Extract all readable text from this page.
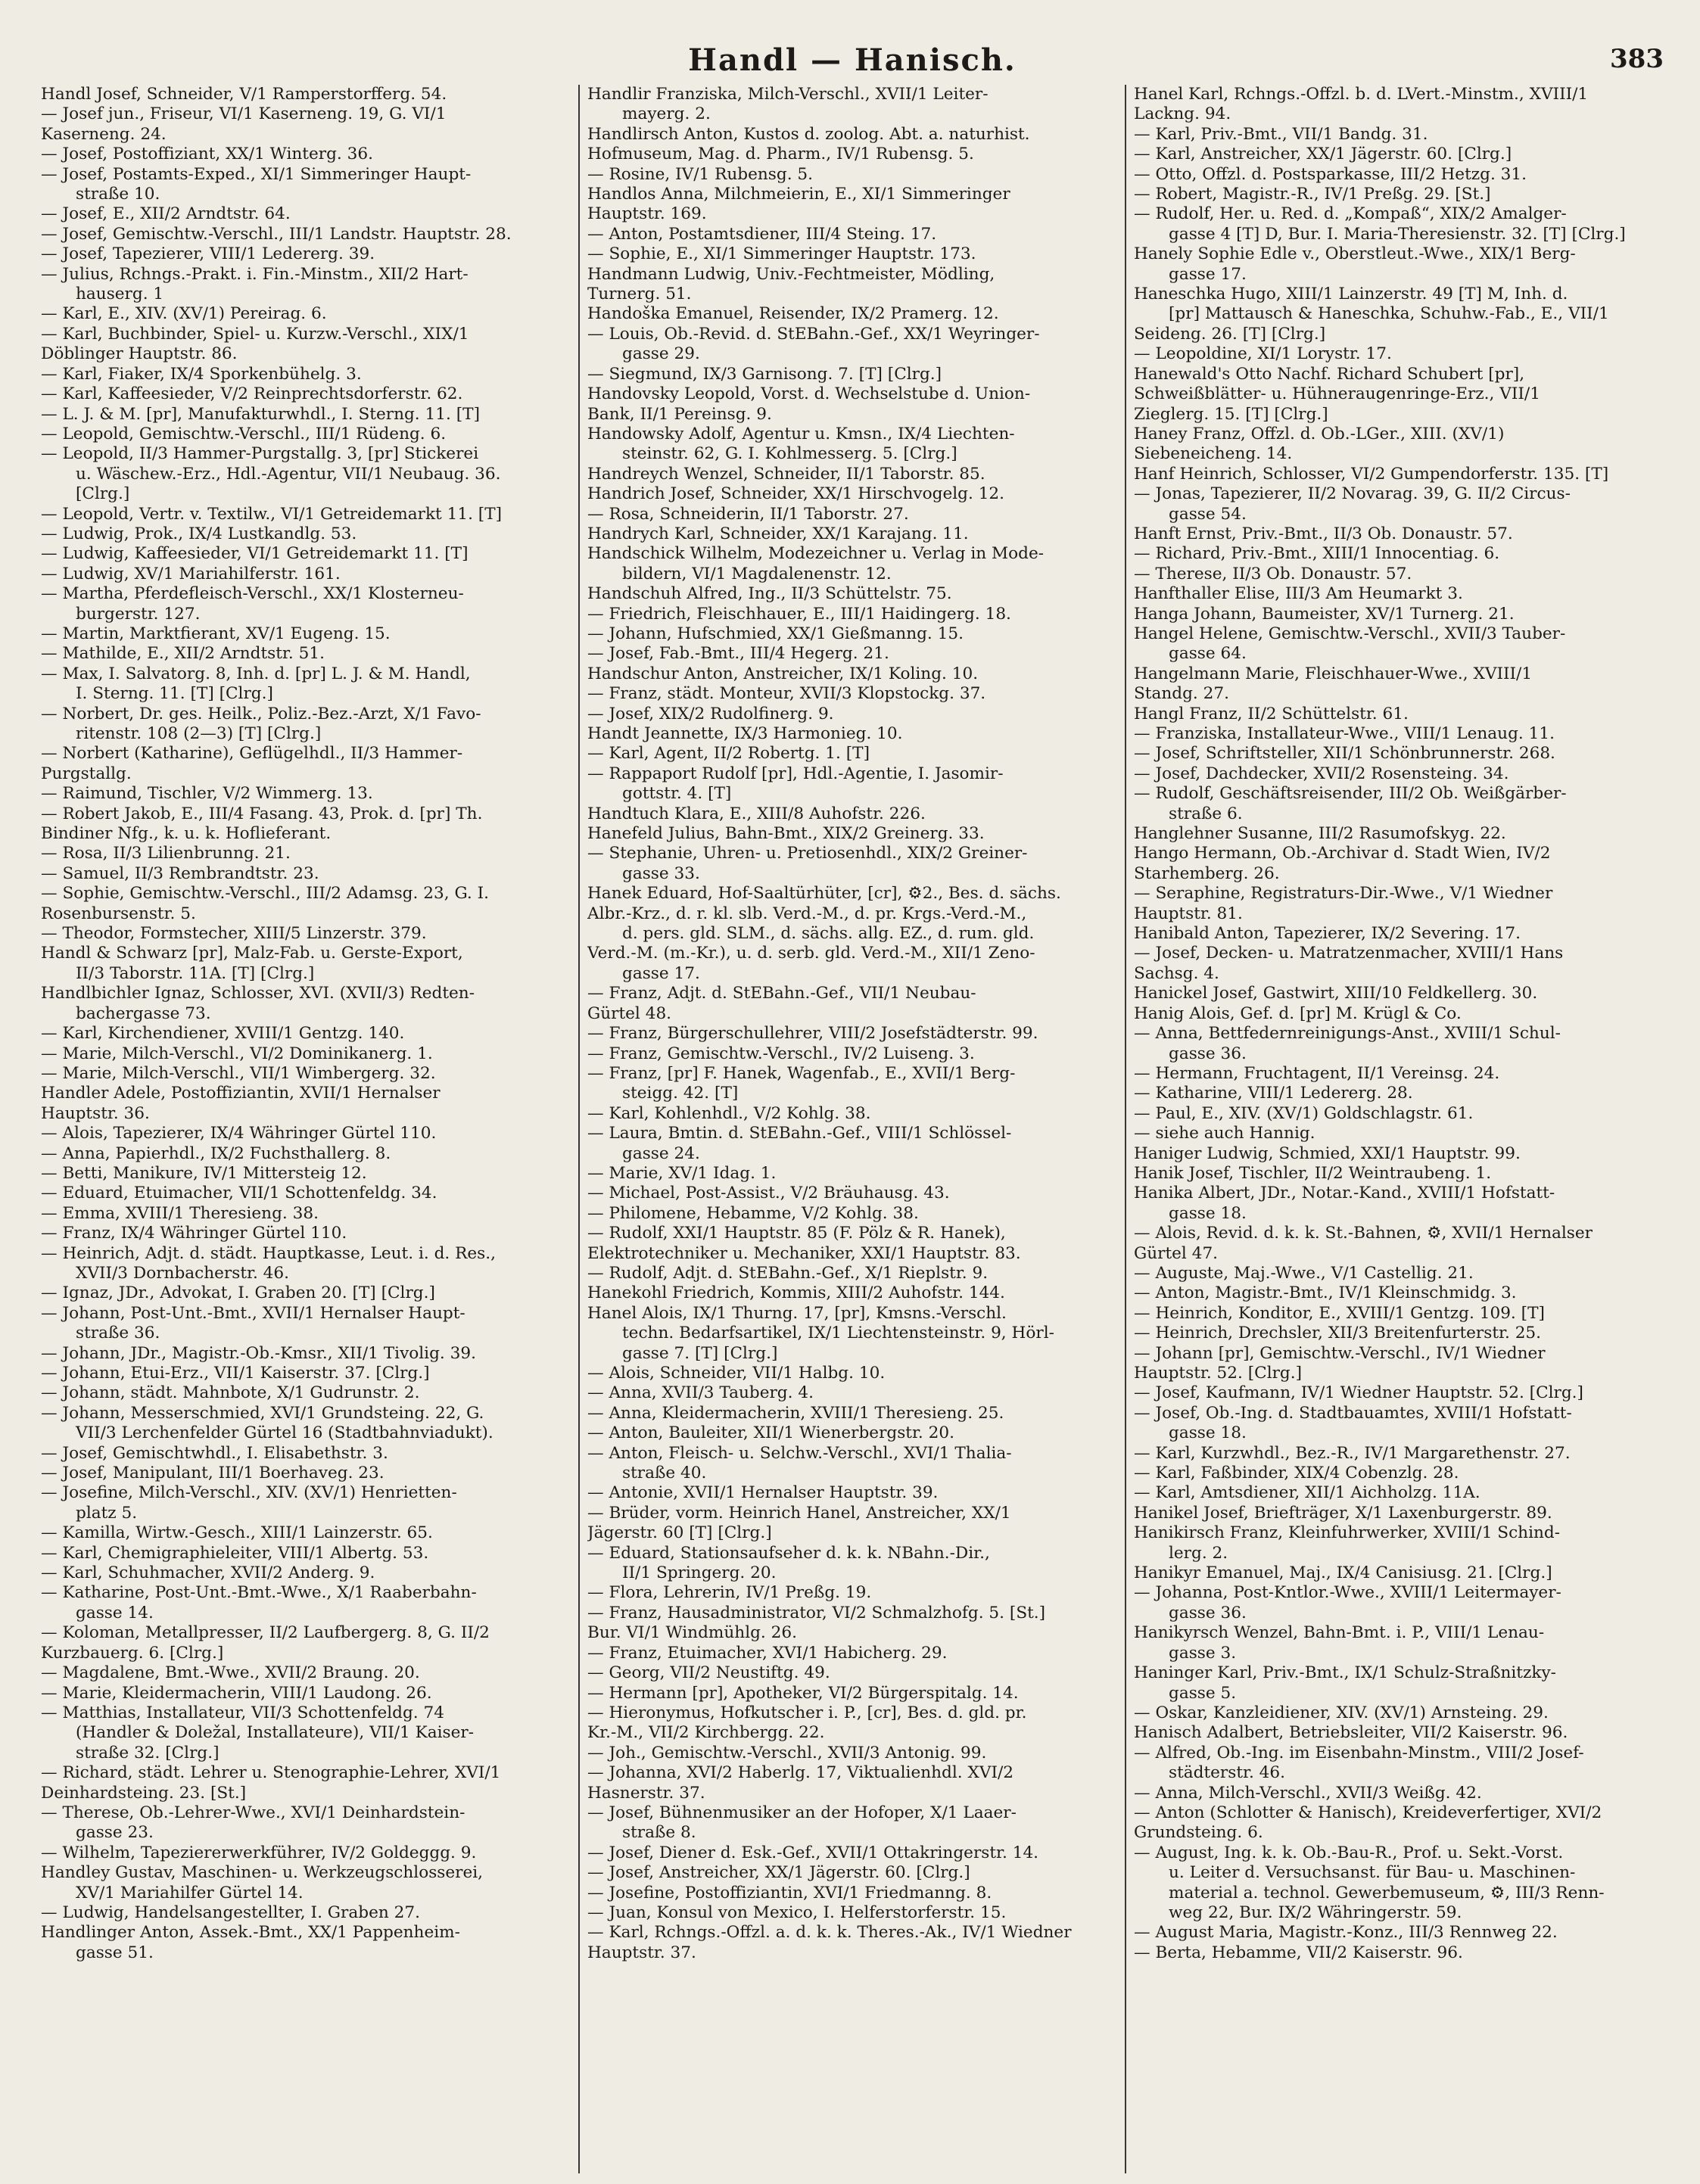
Handl — Hanisch.	383
Handl Josef, Schneider, V/1 Ramperstorfferg. 54.
— Josef jun., Friseur, VI/1 Kaserneng. 19, G. VI/1
Kaserneng. 24.
— Josef, Postoffiziant, XX/1 Winterg. 36.
— Josef, Postamts-Exped., XI/1 Simmeringer Haupt-
straße 10.
— Josef, E., XII/2 Arndtstr. 64.
— Josef, Gemischtw.-Verschl., III/1 Landstr. Hauptstr. 28.
— Josef, Tapezierer, VIII/1 Ledererg. 39.
— Julius, Rchngs.-Prakt. i. Fin.-Minstm., XII/2 Hart-
hauserg. 1
— Karl, E., XIV. (XV/1) Pereirag. 6.
— Karl, Buchbinder, Spiel- u. Kurzw.-Verschl., XIX/1
Döblinger Hauptstr. 86.
— Karl, Fiaker, IX/4 Sporkenbühelg. 3.
— Karl, Kaffeesieder, V/2 Reinprechtsdorferstr. 62.
— L. J. & M. [pr], Manufakturwhdl., I. Sterng. 11. [T]
— Leopold, Gemischtw.-Verschl., III/1 Rüdeng. 6.
— Leopold, II/3 Hammer-Purgstallg. 3, [pr] Stickerei
u. Wäschew.-Erz., Hdl.-Agentur, VII/1 Neubaug. 36.
[Clrg.]
— Leopold, Vertr. v. Textilw., VI/1 Getreidemarkt 11. [T]
— Ludwig, Prok., IX/4 Lustkandlg. 53.
— Ludwig, Kaffeesieder, VI/1 Getreidemarkt 11. [T]
— Ludwig, XV/1 Mariahilferstr. 161.
— Martha, Pferdefleisch-Verschl., XX/1 Klosterneu-
burgerstr. 127.
— Martin, Marktfierant, XV/1 Eugeng. 15.
— Mathilde, E., XII/2 Arndtstr. 51.
— Max, I. Salvatorg. 8, Inh. d. [pr] L. J. & M. Handl,
I. Sterng. 11. [T] [Clrg.]
— Norbert, Dr. ges. Heilk., Poliz.-Bez.-Arzt, X/1 Favo-
ritenstr. 108 (2—3) [T] [Clrg.]
— Norbert (Katharine), Geflügelhdl., II/3 Hammer-
Purgstallg.
— Raimund, Tischler, V/2 Wimmerg. 13.
— Robert Jakob, E., III/4 Fasang. 43, Prok. d. [pr] Th.
Bindiner Nfg., k. u. k. Hoflieferant.
— Rosa, II/3 Lilienbrunng. 21.
— Samuel, II/3 Rembrandtstr. 23.
— Sophie, Gemischtw.-Verschl., III/2 Adamsg. 23, G. I.
Rosenbursenstr. 5.
— Theodor, Formstecher, XIII/5 Linzerstr. 379.
Handl & Schwarz [pr], Malz-Fab. u. Gerste-Export,
II/3 Taborstr. 11A. [T] [Clrg.]
Handlbichler Ignaz, Schlosser, XVI. (XVII/3) Redten-
bachergasse 73.
— Karl, Kirchendiener, XVIII/1 Gentzg. 140.
— Marie, Milch-Verschl., VI/2 Dominikanerg. 1.
— Marie, Milch-Verschl., VII/1 Wimbergerg. 32.
Handler Adele, Postoffiziantin, XVII/1 Hernalser
Hauptstr. 36.
— Alois, Tapezierer, IX/4 Währinger Gürtel 110.
— Anna, Papierhdl., IX/2 Fuchsthallerg. 8.
— Betti, Manikure, IV/1 Mittersteig 12.
— Eduard, Etuimacher, VII/1 Schottenfeldg. 34.
— Emma, XVIII/1 Theresieng. 38.
— Franz, IX/4 Währinger Gürtel 110.
— Heinrich, Adjt. d. städt. Hauptkasse, Leut. i. d. Res.,
XVII/3 Dornbacherstr. 46.
— Ignaz, JDr., Advokat, I. Graben 20. [T] [Clrg.]
— Johann, Post-Unt.-Bmt., XVII/1 Hernalser Haupt-
straße 36.
— Johann, JDr., Magistr.-Ob.-Kmsr., XII/1 Tivolig. 39.
— Johann, Etui-Erz., VII/1 Kaiserstr. 37. [Clrg.]
— Johann, städt. Mahnbote, X/1 Gudrunstr. 2.
— Johann, Messerschmied, XVI/1 Grundsteing. 22, G.
VII/3 Lerchenfelder Gürtel 16 (Stadtbahnviadukt).
— Josef, Gemischtwhdl., I. Elisabethstr. 3.
— Josef, Manipulant, III/1 Boerhaveg. 23.
— Josefine, Milch-Verschl., XIV. (XV/1) Henrietten-
platz 5.
— Kamilla, Wirtw.-Gesch., XIII/1 Lainzerstr. 65.
— Karl, Chemigraphieleiter, VIII/1 Albertg. 53.
— Karl, Schuhmacher, XVII/2 Anderg. 9.
— Katharine, Post-Unt.-Bmt.-Wwe., X/1 Raaberbahn-
gasse 14.
— Koloman, Metallpresser, II/2 Laufbergerg. 8, G. II/2
Kurzbauerg. 6. [Clrg.]
— Magdalene, Bmt.-Wwe., XVII/2 Braung. 20.
— Marie, Kleidermacherin, VIII/1 Laudong. 26.
— Matthias, Installateur, VII/3 Schottenfeldg. 74
(Handler & Doležal, Installateure), VII/1 Kaiser-
straße 32. [Clrg.]
— Richard, städt. Lehrer u. Stenographie-Lehrer, XVI/1
Deinhardsteing. 23. [St.]
— Therese, Ob.-Lehrer-Wwe., XVI/1 Deinhardstein-
gasse 23.
— Wilhelm, Tapeziererwerkführer, IV/2 Goldeggg. 9.
Handley Gustav, Maschinen- u. Werkzeugschlosserei,
XV/1 Mariahilfer Gürtel 14.
— Ludwig, Handelsangestellter, I. Graben 27.
Handlinger Anton, Assek.-Bmt., XX/1 Pappenheim-
gasse 51.
Handlir Franziska, Milch-Verschl., XVII/1 Leiter-
mayerg. 2.
Handlirsch Anton, Kustos d. zoolog. Abt. a. naturhist.
Hofmuseum, Mag. d. Pharm., IV/1 Rubensg. 5.
— Rosine, IV/1 Rubensg. 5.
Handlos Anna, Milchmeierin, E., XI/1 Simmeringer
Hauptstr. 169.
— Anton, Postamtsdiener, III/4 Steing. 17.
— Sophie, E., XI/1 Simmeringer Hauptstr. 173.
Handmann Ludwig, Univ.-Fechtmeister, Mödling,
Turnerg. 51.
Handoška Emanuel, Reisender, IX/2 Pramerg. 12.
— Louis, Ob.-Revid. d. StEBahn.-Gef., XX/1 Weyringer-
gasse 29.
— Siegmund, IX/3 Garnisong. 7. [T] [Clrg.]
Handovsky Leopold, Vorst. d. Wechselstube d. Union-
Bank, II/1 Pereinsg. 9.
Handowsky Adolf, Agentur u. Kmsn., IX/4 Liechten-
steinstr. 62, G. I. Kohlmesserg. 5. [Clrg.]
Handreych Wenzel, Schneider, II/1 Taborstr. 85.
Handrich Josef, Schneider, XX/1 Hirschvogelg. 12.
— Rosa, Schneiderin, II/1 Taborstr. 27.
Handrych Karl, Schneider, XX/1 Karajang. 11.
Handschick Wilhelm, Modezeichner u. Verlag in Mode-
bildern, VI/1 Magdalenenstr. 12.
Handschuh Alfred, Ing., II/3 Schüttelstr. 75.
— Friedrich, Fleischhauer, E., III/1 Haidingerg. 18.
— Johann, Hufschmied, XX/1 Gießmanng. 15.
— Josef, Fab.-Bmt., III/4 Hegerg. 21.
Handschur Anton, Anstreicher, IX/1 Koling. 10.
— Franz, städt. Monteur, XVII/3 Klopstockg. 37.
— Josef, XIX/2 Rudolfinerg. 9.
Handt Jeannette, IX/3 Harmonieg. 10.
— Karl, Agent, II/2 Robertg. 1. [T]
— Rappaport Rudolf [pr], Hdl.-Agentie, I. Jasomir-
gottstr. 4. [T]
Handtuch Klara, E., XIII/8 Auhofstr. 226.
Hanefeld Julius, Bahn-Bmt., XIX/2 Greinerg. 33.
— Stephanie, Uhren- u. Pretiosenhdl., XIX/2 Greiner-
gasse 33.
Hanek Eduard, Hof-Saaltürhüter, [cr], ⚙2., Bes. d. sächs.
Albr.-Krz., d. r. kl. slb. Verd.-M., d. pr. Krgs.-Verd.-M.,
d. pers. gld. SLM., d. sächs. allg. EZ., d. rum. gld.
Verd.-M. (m.-Kr.), u. d. serb. gld. Verd.-M., XII/1 Zeno-
gasse 17.
— Franz, Adjt. d. StEBahn.-Gef., VII/1 Neubau-
Gürtel 48.
— Franz, Bürgerschullehrer, VIII/2 Josefstädterstr. 99.
— Franz, Gemischtw.-Verschl., IV/2 Luiseng. 3.
— Franz, [pr] F. Hanek, Wagenfab., E., XVII/1 Berg-
steigg. 42. [T]
— Karl, Kohlenhdl., V/2 Kohlg. 38.
— Laura, Bmtin. d. StEBahn.-Gef., VIII/1 Schlössel-
gasse 24.
— Marie, XV/1 Idag. 1.
— Michael, Post-Assist., V/2 Bräuhausg. 43.
— Philomene, Hebamme, V/2 Kohlg. 38.
— Rudolf, XXI/1 Hauptstr. 85 (F. Pölz & R. Hanek),
Elektrotechniker u. Mechaniker, XXI/1 Hauptstr. 83.
— Rudolf, Adjt. d. StEBahn.-Gef., X/1 Rieplstr. 9.
Hanekohl Friedrich, Kommis, XIII/2 Auhofstr. 144.
Hanel Alois, IX/1 Thurng. 17, [pr], Kmsns.-Verschl.
techn. Bedarfsartikel, IX/1 Liechtensteinstr. 9, Hörl-
gasse 7. [T] [Clrg.]
— Alois, Schneider, VII/1 Halbg. 10.
— Anna, XVII/3 Tauberg. 4.
— Anna, Kleidermacherin, XVIII/1 Theresieng. 25.
— Anton, Bauleiter, XII/1 Wienerbergstr. 20.
— Anton, Fleisch- u. Selchw.-Verschl., XVI/1 Thalia-
straße 40.
— Antonie, XVII/1 Hernalser Hauptstr. 39.
— Brüder, vorm. Heinrich Hanel, Anstreicher, XX/1
Jägerstr. 60 [T] [Clrg.]
— Eduard, Stationsaufseher d. k. k. NBahn.-Dir.,
II/1 Springerg. 20.
— Flora, Lehrerin, IV/1 Preßg. 19.
— Franz, Hausadministrator, VI/2 Schmalzhofg. 5. [St.]
Bur. VI/1 Windmühlg. 26.
— Franz, Etuimacher, XVI/1 Habicherg. 29.
— Georg, VII/2 Neustiftg. 49.
— Hermann [pr], Apotheker, VI/2 Bürgerspitalg. 14.
— Hieronymus, Hofkutscher i. P., [cr], Bes. d. gld. pr.
Kr.-M., VII/2 Kirchbergg. 22.
— Joh., Gemischtw.-Verschl., XVII/3 Antonig. 99.
— Johanna, XVI/2 Haberlg. 17, Viktualienhdl. XVI/2
Hasnerstr. 37.
— Josef, Bühnenmusiker an der Hofoper, X/1 Laaer-
straße 8.
— Josef, Diener d. Esk.-Gef., XVII/1 Ottakringerstr. 14.
— Josef, Anstreicher, XX/1 Jägerstr. 60. [Clrg.]
— Josefine, Postoffiziantin, XVI/1 Friedmanng. 8.
— Juan, Konsul von Mexico, I. Helferstorferstr. 15.
— Karl, Rchngs.-Offzl. a. d. k. k. Theres.-Ak., IV/1 Wiedner
Hauptstr. 37.
Hanel Karl, Rchngs.-Offzl. b. d. LVert.-Minstm., XVIII/1
Lackng. 94.
— Karl, Priv.-Bmt., VII/1 Bandg. 31.
— Karl, Anstreicher, XX/1 Jägerstr. 60. [Clrg.]
— Otto, Offzl. d. Postsparkasse, III/2 Hetzg. 31.
— Robert, Magistr.-R., IV/1 Preßg. 29. [St.]
— Rudolf, Her. u. Red. d. „Kompaß“, XIX/2 Amalger-
gasse 4 [T] D, Bur. I. Maria-Theresienstr. 32. [T] [Clrg.]
Hanely Sophie Edle v., Oberstleut.-Wwe., XIX/1 Berg-
gasse 17.
Haneschka Hugo, XIII/1 Lainzerstr. 49 [T] M, Inh. d.
[pr] Mattausch & Haneschka, Schuhw.-Fab., E., VII/1
Seideng. 26. [T] [Clrg.]
— Leopoldine, XI/1 Lorystr. 17.
Hanewald's Otto Nachf. Richard Schubert [pr],
Schweißblätter- u. Hühneraugenringe-Erz., VII/1
Zieglerg. 15. [T] [Clrg.]
Haney Franz, Offzl. d. Ob.-LGer., XIII. (XV/1)
Siebeneicheng. 14.
Hanf Heinrich, Schlosser, VI/2 Gumpendorferstr. 135. [T]
— Jonas, Tapezierer, II/2 Novarag. 39, G. II/2 Circus-
gasse 54.
Hanft Ernst, Priv.-Bmt., II/3 Ob. Donaustr. 57.
— Richard, Priv.-Bmt., XIII/1 Innocentiag. 6.
— Therese, II/3 Ob. Donaustr. 57.
Hanfthaller Elise, III/3 Am Heumarkt 3.
Hanga Johann, Baumeister, XV/1 Turnerg. 21.
Hangel Helene, Gemischtw.-Verschl., XVII/3 Tauber-
gasse 64.
Hangelmann Marie, Fleischhauer-Wwe., XVIII/1
Standg. 27.
Hangl Franz, II/2 Schüttelstr. 61.
— Franziska, Installateur-Wwe., VIII/1 Lenaug. 11.
— Josef, Schriftsteller, XII/1 Schönbrunnerstr. 268.
— Josef, Dachdecker, XVII/2 Rosensteing. 34.
— Rudolf, Geschäftsreisender, III/2 Ob. Weißgärber-
straße 6.
Hanglehner Susanne, III/2 Rasumofskyg. 22.
Hango Hermann, Ob.-Archivar d. Stadt Wien, IV/2
Starhemberg. 26.
— Seraphine, Registraturs-Dir.-Wwe., V/1 Wiedner
Hauptstr. 81.
Hanibald Anton, Tapezierer, IX/2 Severing. 17.
— Josef, Decken- u. Matratzenmacher, XVIII/1 Hans
Sachsg. 4.
Hanickel Josef, Gastwirt, XIII/10 Feldkellerg. 30.
Hanig Alois, Gef. d. [pr] M. Krügl & Co.
— Anna, Bettfedernreinigungs-Anst., XVIII/1 Schul-
gasse 36.
— Hermann, Fruchtagent, II/1 Vereinsg. 24.
— Katharine, VIII/1 Ledererg. 28.
— Paul, E., XIV. (XV/1) Goldschlagstr. 61.
— siehe auch Hannig.
Haniger Ludwig, Schmied, XXI/1 Hauptstr. 99.
Hanik Josef, Tischler, II/2 Weintraubeng. 1.
Hanika Albert, JDr., Notar.-Kand., XVIII/1 Hofstatt-
gasse 18.
— Alois, Revid. d. k. k. St.-Bahnen, ⚙, XVII/1 Hernalser
Gürtel 47.
— Auguste, Maj.-Wwe., V/1 Castellig. 21.
— Anton, Magistr.-Bmt., IV/1 Kleinschmidg. 3.
— Heinrich, Konditor, E., XVIII/1 Gentzg. 109. [T]
— Heinrich, Drechsler, XII/3 Breitenfurterstr. 25.
— Johann [pr], Gemischtw.-Verschl., IV/1 Wiedner
Hauptstr. 52. [Clrg.]
— Josef, Kaufmann, IV/1 Wiedner Hauptstr. 52. [Clrg.]
— Josef, Ob.-Ing. d. Stadtbauamtes, XVIII/1 Hofstatt-
gasse 18.
— Karl, Kurzwhdl., Bez.-R., IV/1 Margarethenstr. 27.
— Karl, Faßbinder, XIX/4 Cobenzlg. 28.
— Karl, Amtsdiener, XII/1 Aichholzg. 11A.
Hanikel Josef, Briefträger, X/1 Laxenburgerstr. 89.
Hanikirsch Franz, Kleinfuhrwerker, XVIII/1 Schind-
lerg. 2.
Hanikyr Emanuel, Maj., IX/4 Canisiusg. 21. [Clrg.]
— Johanna, Post-Kntlor.-Wwe., XVIII/1 Leitermayer-
gasse 36.
Hanikyrsch Wenzel, Bahn-Bmt. i. P., VIII/1 Lenau-
gasse 3.
Haninger Karl, Priv.-Bmt., IX/1 Schulz-Straßnitzky-
gasse 5.
— Oskar, Kanzleidiener, XIV. (XV/1) Arnsteing. 29.
Hanisch Adalbert, Betriebsleiter, VII/2 Kaiserstr. 96.
— Alfred, Ob.-Ing. im Eisenbahn-Minstm., VIII/2 Josef-
städterstr. 46.
— Anna, Milch-Verschl., XVII/3 Weißg. 42.
— Anton (Schlotter & Hanisch), Kreideverfertiger, XVI/2
Grundsteing. 6.
— August, Ing. k. k. Ob.-Bau-R., Prof. u. Sekt.-Vorst.
u. Leiter d. Versuchsanst. für Bau- u. Maschinen-
material a. technol. Gewerbemuseum, ⚙, III/3 Renn-
weg 22, Bur. IX/2 Währingerstr. 59.
— August Maria, Magistr.-Konz., III/3 Rennweg 22.
— Berta, Hebamme, VII/2 Kaiserstr. 96.
